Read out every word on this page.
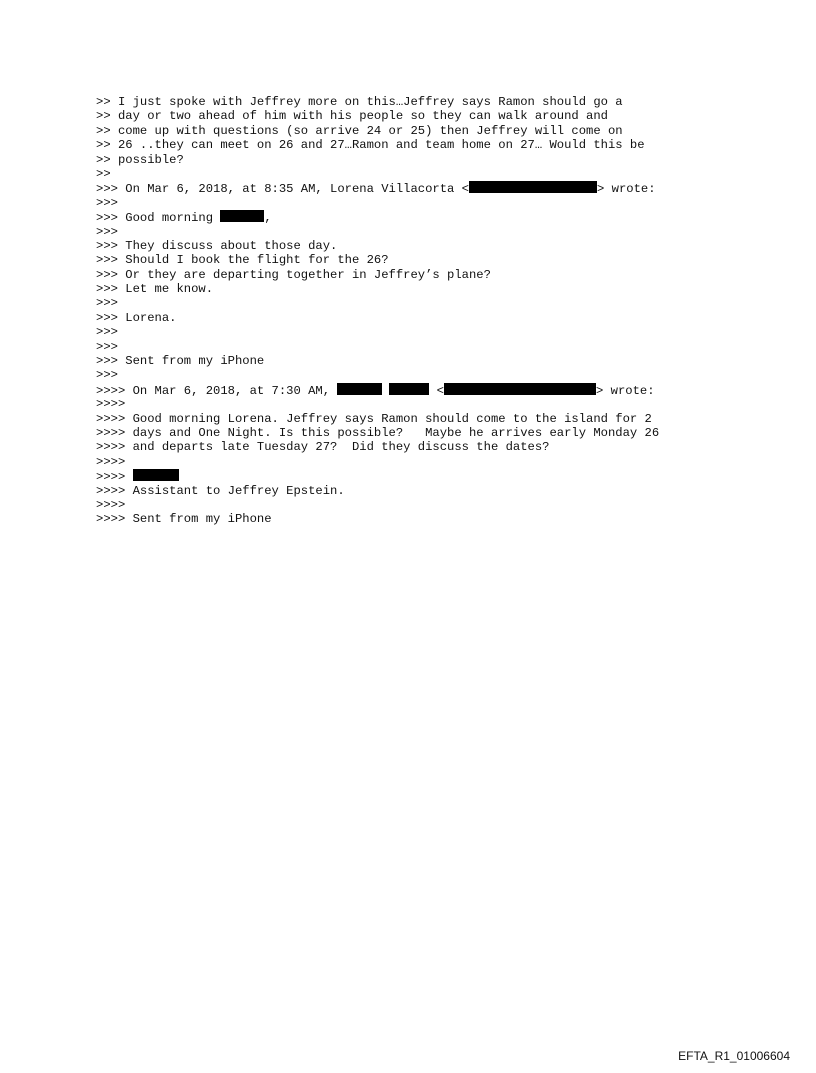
>> I just spoke with Jeffrey more on this…Jeffrey says Ramon should go a
>> day or two ahead of him with his people so they can walk around and
>> come up with questions (so arrive 24 or 25) then Jeffrey will come on
>> 26 ..they can meet on 26 and 27…Ramon and team home on 27… Would this be
>> possible?
>>
>>> On Mar 6, 2018, at 8:35 AM, Lorena Villacorta <	> wrote:
>>>
>>> Good morning	,
>>>
>>> They discuss about those day.
>>> Should I book the flight for the 26?
>>> Or they are departing together in Jeffrey’s plane?
>>> Let me know.
>>>
>>> Lorena.
>>>
>>>
>>> Sent from my iPhone
>>>
>>>> On Mar 6, 2018, at 7:30 AM,	<	> wrote:
>>>>
>>>> Good morning Lorena. Jeffrey says Ramon should come to the island for 2
>>>> days and One Night. Is this possible?   Maybe he arrives early Monday 26
>>>> and departs late Tuesday 27?  Did they discuss the dates?
>>>>
>>>>
>>>> Assistant to Jeffrey Epstein.
>>>>
>>>> Sent from my iPhone
EFTA_R1_01006604
